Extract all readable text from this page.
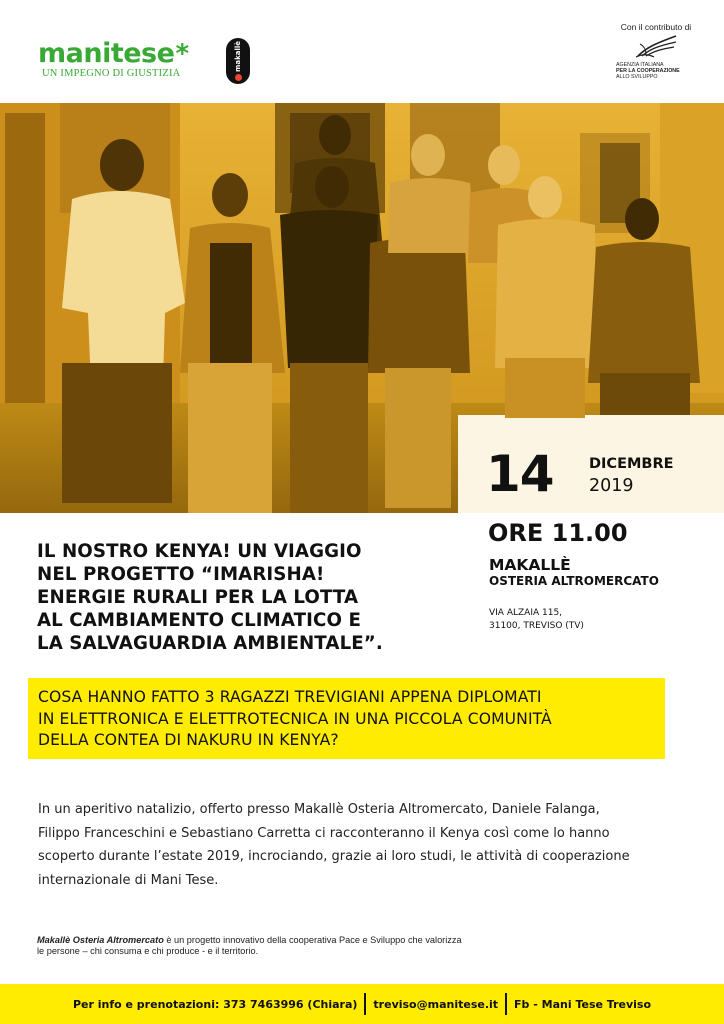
manitese*
UN IMPEGNO DI GIUSTIZIA
makallè
Con il contributo di
AGENZIA ITALIANA
PER LA COOPERAZIONE
ALLO SVILUPPO
14 DICEMBRE
2019
ORE 11.00
MAKALLÈ
OSTERIA ALTROMERCATO
VIA ALZAIA 115,
31100, TREVISO (TV)
IL NOSTRO KENYA! UN VIAGGIO
NEL PROGETTO “IMARISHA!
ENERGIE RURALI PER LA LOTTA
AL CAMBIAMENTO CLIMATICO E
LA SALVAGUARDIA AMBIENTALE”.
COSA HANNO FATTO 3 RAGAZZI TREVIGIANI APPENA DIPLOMATI
IN ELETTRONICA E ELETTROTECNICA IN UNA PICCOLA COMUNITÀ
DELLA CONTEA DI NAKURU IN KENYA?
In un aperitivo natalizio, offerto presso Makallè Osteria Altromercato, Daniele Falanga,
Filippo Franceschini e Sebastiano Carretta ci racconteranno il Kenya così come lo hanno
scoperto durante l’estate 2019, incrociando, grazie ai loro studi, le attività di cooperazione
internazionale di Mani Tese.
Makallè Osteria Altromercato è un progetto innovativo della cooperativa Pace e Sviluppo che valorizza
le persone – chi consuma e chi produce - e il territorio.
Per info e prenotazioni:
373 7463996 (Chiara) treviso@manitese.it Fb - Mani Tese Treviso
